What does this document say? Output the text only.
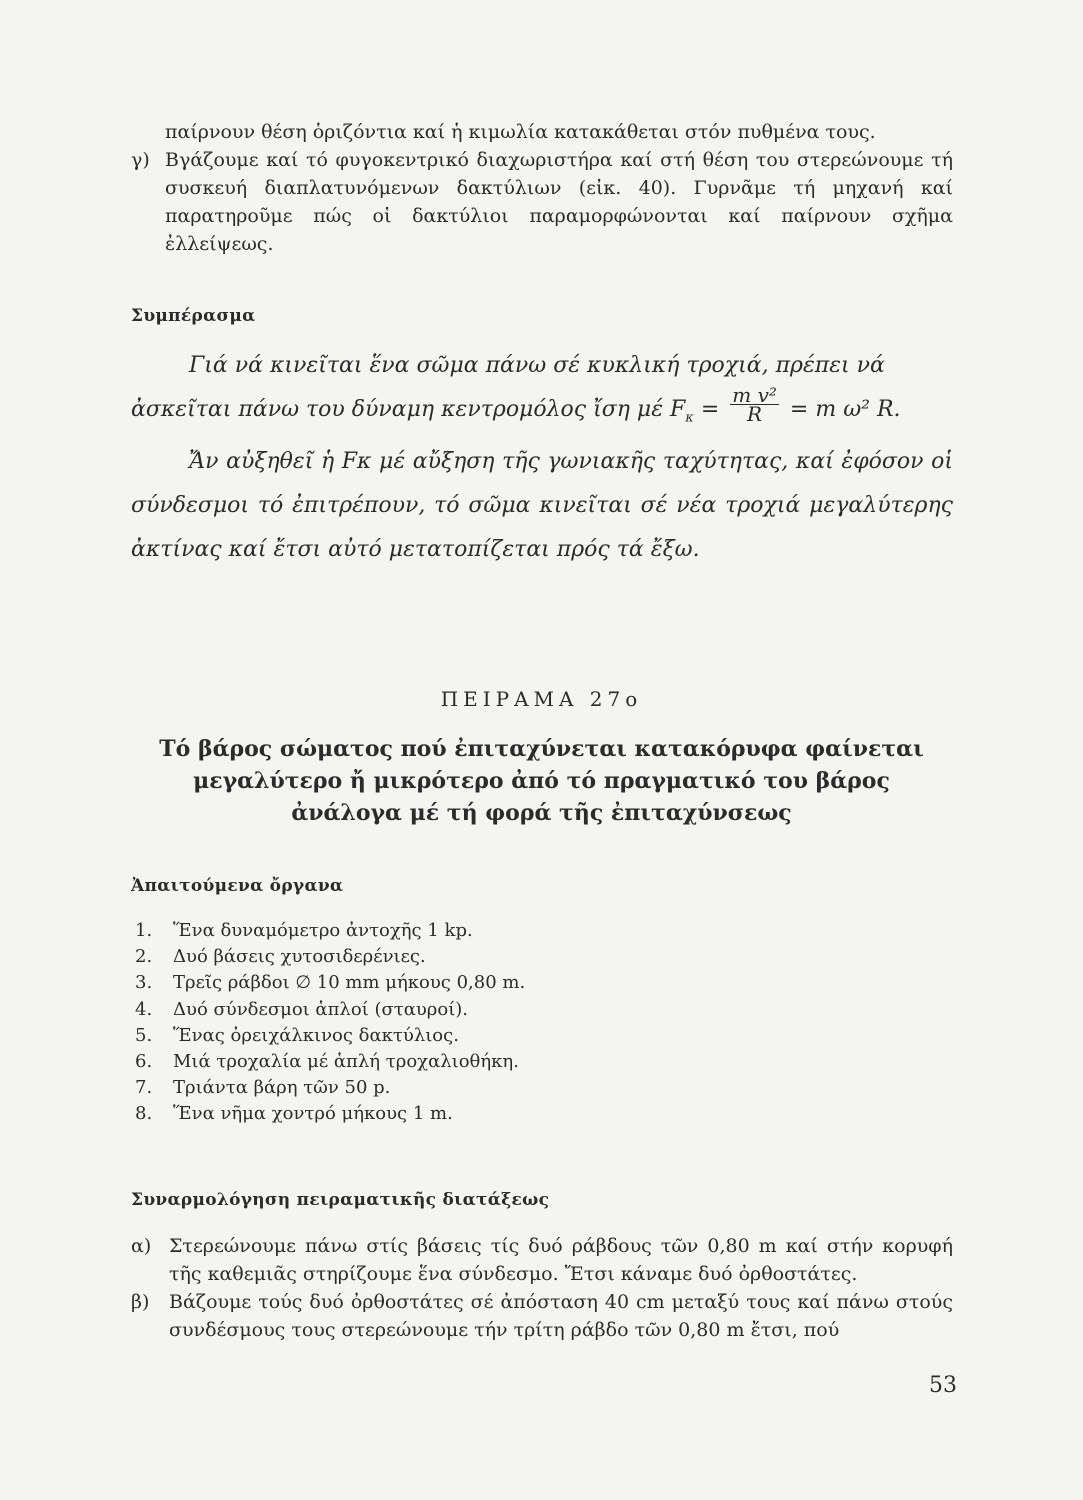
παίρνουν θέση ὁριζόντια καί ἡ κιμωλία κατακάθεται στόν πυθμένα τους.

γ) Βγάζουμε καί τό φυγοκεντρικό διαχωριστήρα καί στή θέση του στερεώνουμε τή συσκευή διαπλατυνόμενων δακτύλιων (εἰκ. 40). Γυρνᾶμε τή μηχανή καί παρατηροῦμε πώς οἱ δακτύλιοι παραμορφώνονται καί παίρνουν σχῆμα ἐλλείψεως.
Συμπέρασμα

Γιά νά κινεῖται ἕνα σῶμα πάνω σέ κυκλική τροχιά, πρέπει νά

ἀσκεῖται πάνω του δύναμη κεντρομόλος ἴση μέ $F_\kappa = \frac{\text{m v²}}{R} = m$ ω² R.

Ἄν αὐξηθεῖ ἡ Fκ μέ αὔξηση τῆς γωνιακῆς ταχύτητας, καί ἐφόσον οἱ σύνδεσμοι τό ἐπιτρέπουν, τό σῶμα κινεῖται σέ νέα τροχιά μεγαλύτερης ἀκτίνας καί ἔτσι αὐτό μετατοπίζεται πρός τά ἔξω.

ΠΕΙΡΑΜΑ 27ο
Τό βάρος σώματος πού ἐπιταχύνεται κατακόρυφα φαίνεται
μεγαλύτερο ἤ μικρότερο ἀπό τό πραγματικό του βάρος
ἀνάλογα μέ τή φορά τῆς ἐπιταχύνσεως
Ἀπαιτούμενα ὄργανα
1.	Ἕνα δυναμόμετρο ἀντοχῆς 1 kp.
2.	Δυό βάσεις χυτοσιδερένιες.
3.	Τρεῖς ράβδοι ∅ 10 mm μήκους 0,80 m.
4.	Δυό σύνδεσμοι ἁπλοί (σταυροί).
5.	Ἕνας ὀρειχάλκινος δακτύλιος.
6.	Μιά τροχαλία μέ ἁπλή τροχαλιοθήκη.
7.	Τριάντα βάρη τῶν 50 p.
8.	Ἕνα νῆμα χοντρό μήκους 1 m.
Συναρμολόγηση πειραματικῆς διατάξεως
α) Στερεώνουμε πάνω στίς βάσεις τίς δυό ράβδους τῶν 0,80 m καί στήν κορυφή τῆς καθεμιᾶς στηρίζουμε ἕνα σύνδεσμο. Ἔτσι κάναμε δυό ὀρθοστάτες.
β)	Βάζουμε τούς δυό ὀρθοστάτες σέ ἀπόσταση 40 cm μεταξύ τους καί πάνω στούς συνδέσμους τους στερεώνουμε τήν τρίτη ράβδο τῶν 0,80 m ἔτσι, πού
53
